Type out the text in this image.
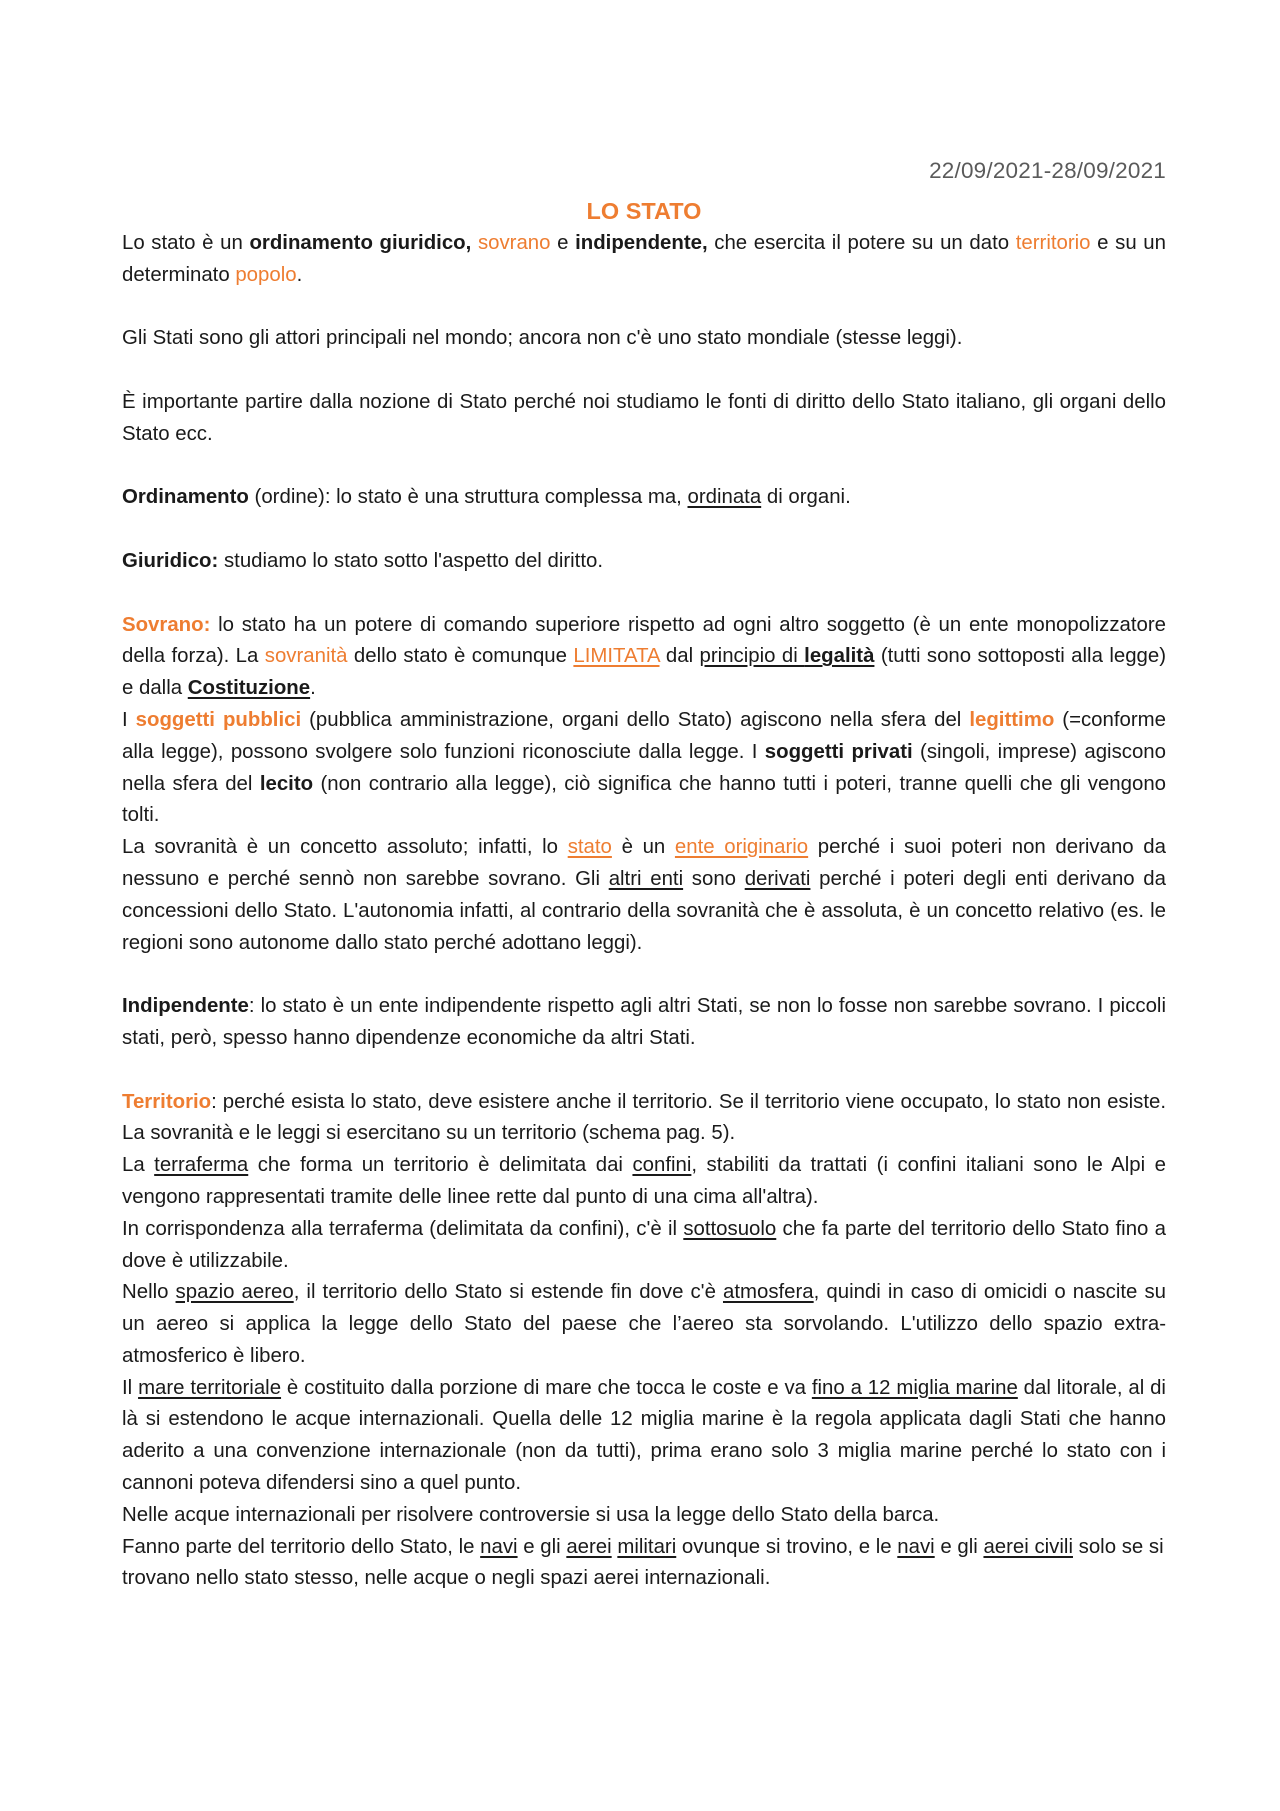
22/09/2021-28/09/2021
LO STATO

Lo stato è un ordinamento giuridico, sovrano e indipendente, che esercita il potere su un dato territorio e su un determinato popolo.

Gli Stati sono gli attori principali nel mondo; ancora non c'è uno stato mondiale (stesse leggi).

È importante partire dalla nozione di Stato perché noi studiamo le fonti di diritto dello Stato italiano, gli organi dello Stato ecc.

Ordinamento (ordine): lo stato è una struttura complessa ma, ordinata di organi.

Giuridico: studiamo lo stato sotto l'aspetto del diritto.

Sovrano: lo stato ha un potere di comando superiore rispetto ad ogni altro soggetto (è un ente monopolizzatore della forza). La sovranità dello stato è comunque LIMITATA dal principio di legalità (tutti sono sottoposti alla legge) e dalla Costituzione.

I soggetti pubblici (pubblica amministrazione, organi dello Stato) agiscono nella sfera del legittimo (=conforme alla legge), possono svolgere solo funzioni riconosciute dalla legge. I soggetti privati (singoli, imprese) agiscono nella sfera del lecito (non contrario alla legge), ciò significa che hanno tutti i poteri, tranne quelli che gli vengono tolti.

La sovranità è un concetto assoluto; infatti, lo stato è un ente originario perché i suoi poteri non derivano da nessuno e perché sennò non sarebbe sovrano. Gli altri enti sono derivati perché i poteri degli enti derivano da concessioni dello Stato. L'autonomia infatti, al contrario della sovranità che è assoluta, è un concetto relativo (es. le regioni sono autonome dallo stato perché adottano leggi).

Indipendente: lo stato è un ente indipendente rispetto agli altri Stati, se non lo fosse non sarebbe sovrano. I piccoli stati, però, spesso hanno dipendenze economiche da altri Stati.

Territorio: perché esista lo stato, deve esistere anche il territorio. Se il territorio viene occupato, lo stato non esiste. La sovranità e le leggi si esercitano su un territorio (schema pag. 5).

La terraferma che forma un territorio è delimitata dai confini, stabiliti da trattati (i confini italiani sono le Alpi e vengono rappresentati tramite delle linee rette dal punto di una cima all'altra).

In corrispondenza alla terraferma (delimitata da confini), c'è il sottosuolo che fa parte del territorio dello Stato fino a dove è utilizzabile.

Nello spazio aereo, il territorio dello Stato si estende fin dove c'è atmosfera, quindi in caso di omicidi o nascite su un aereo si applica la legge dello Stato del paese che l’aereo sta sorvolando. L'utilizzo dello spazio extra-atmosferico è libero.

Il mare territoriale è costituito dalla porzione di mare che tocca le coste e va fino a 12 miglia marine dal litorale, al di là si estendono le acque internazionali. Quella delle 12 miglia marine è la regola applicata dagli Stati che hanno aderito a una convenzione internazionale (non da tutti), prima erano solo 3 miglia marine perché lo stato con i cannoni poteva difendersi sino a quel punto.

Nelle acque internazionali per risolvere controversie si usa la legge dello Stato della barca.

Fanno parte del territorio dello Stato, le navi e gli aerei militari ovunque si trovino, e le navi e gli aerei civili solo se si trovano nello stato stesso, nelle acque o negli spazi aerei internazionali.
